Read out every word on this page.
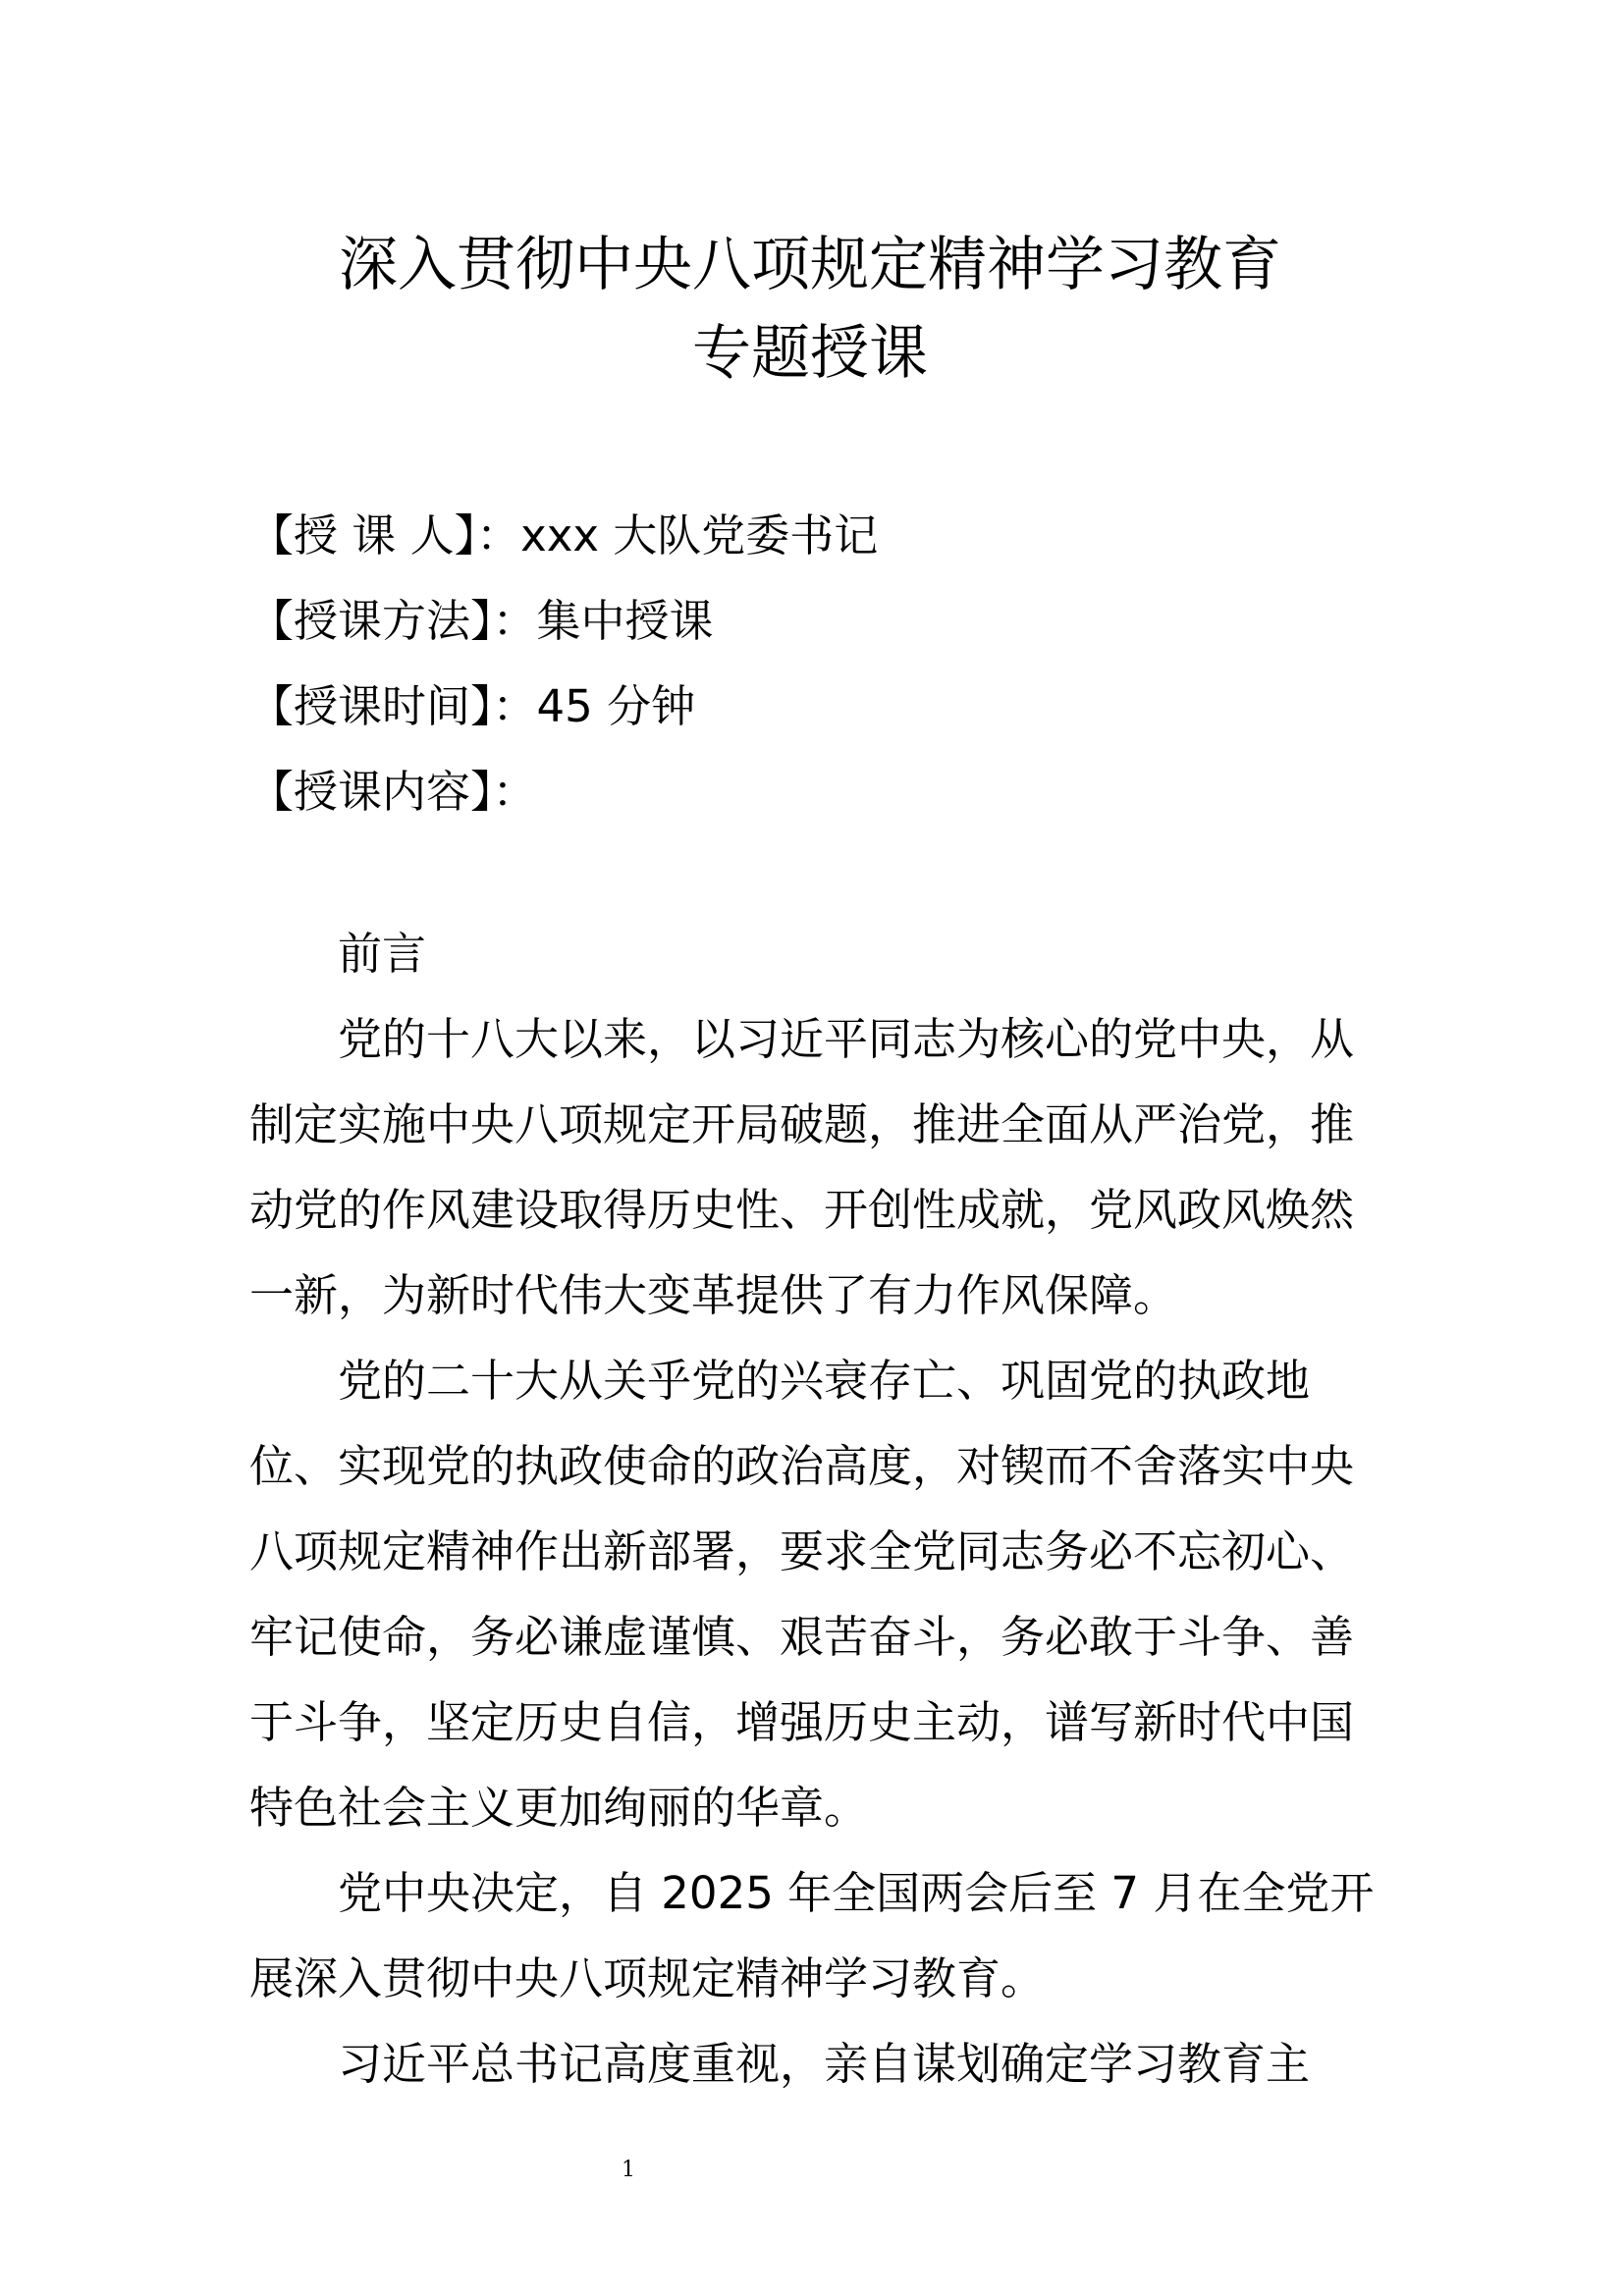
深入贯彻中央八项规定精神学习教育
专题授课
【授 课 人】：xxx 大队党委书记
【授课方法】：集中授课
【授课时间】：45 分钟
【授课内容】：
前言
党的十八大以来，以习近平同志为核心的党中央，从
制定实施中央八项规定开局破题，推进全面从严治党，推
动党的作风建设取得历史性、开创性成就，党风政风焕然
一新，为新时代伟大变革提供了有力作风保障。
党的二十大从关乎党的兴衰存亡、巩固党的执政地
位、实现党的执政使命的政治高度，对锲而不舍落实中央
八项规定精神作出新部署，要求全党同志务必不忘初心、
牢记使命，务必谦虚谨慎、艰苦奋斗，务必敢于斗争、善
于斗争，坚定历史自信，增强历史主动，谱写新时代中国
特色社会主义更加绚丽的华章。
党中央决定，自 2025 年全国两会后至 7 月在全党开
展深入贯彻中央八项规定精神学习教育。
习近平总书记高度重视，亲自谋划确定学习教育主
1
